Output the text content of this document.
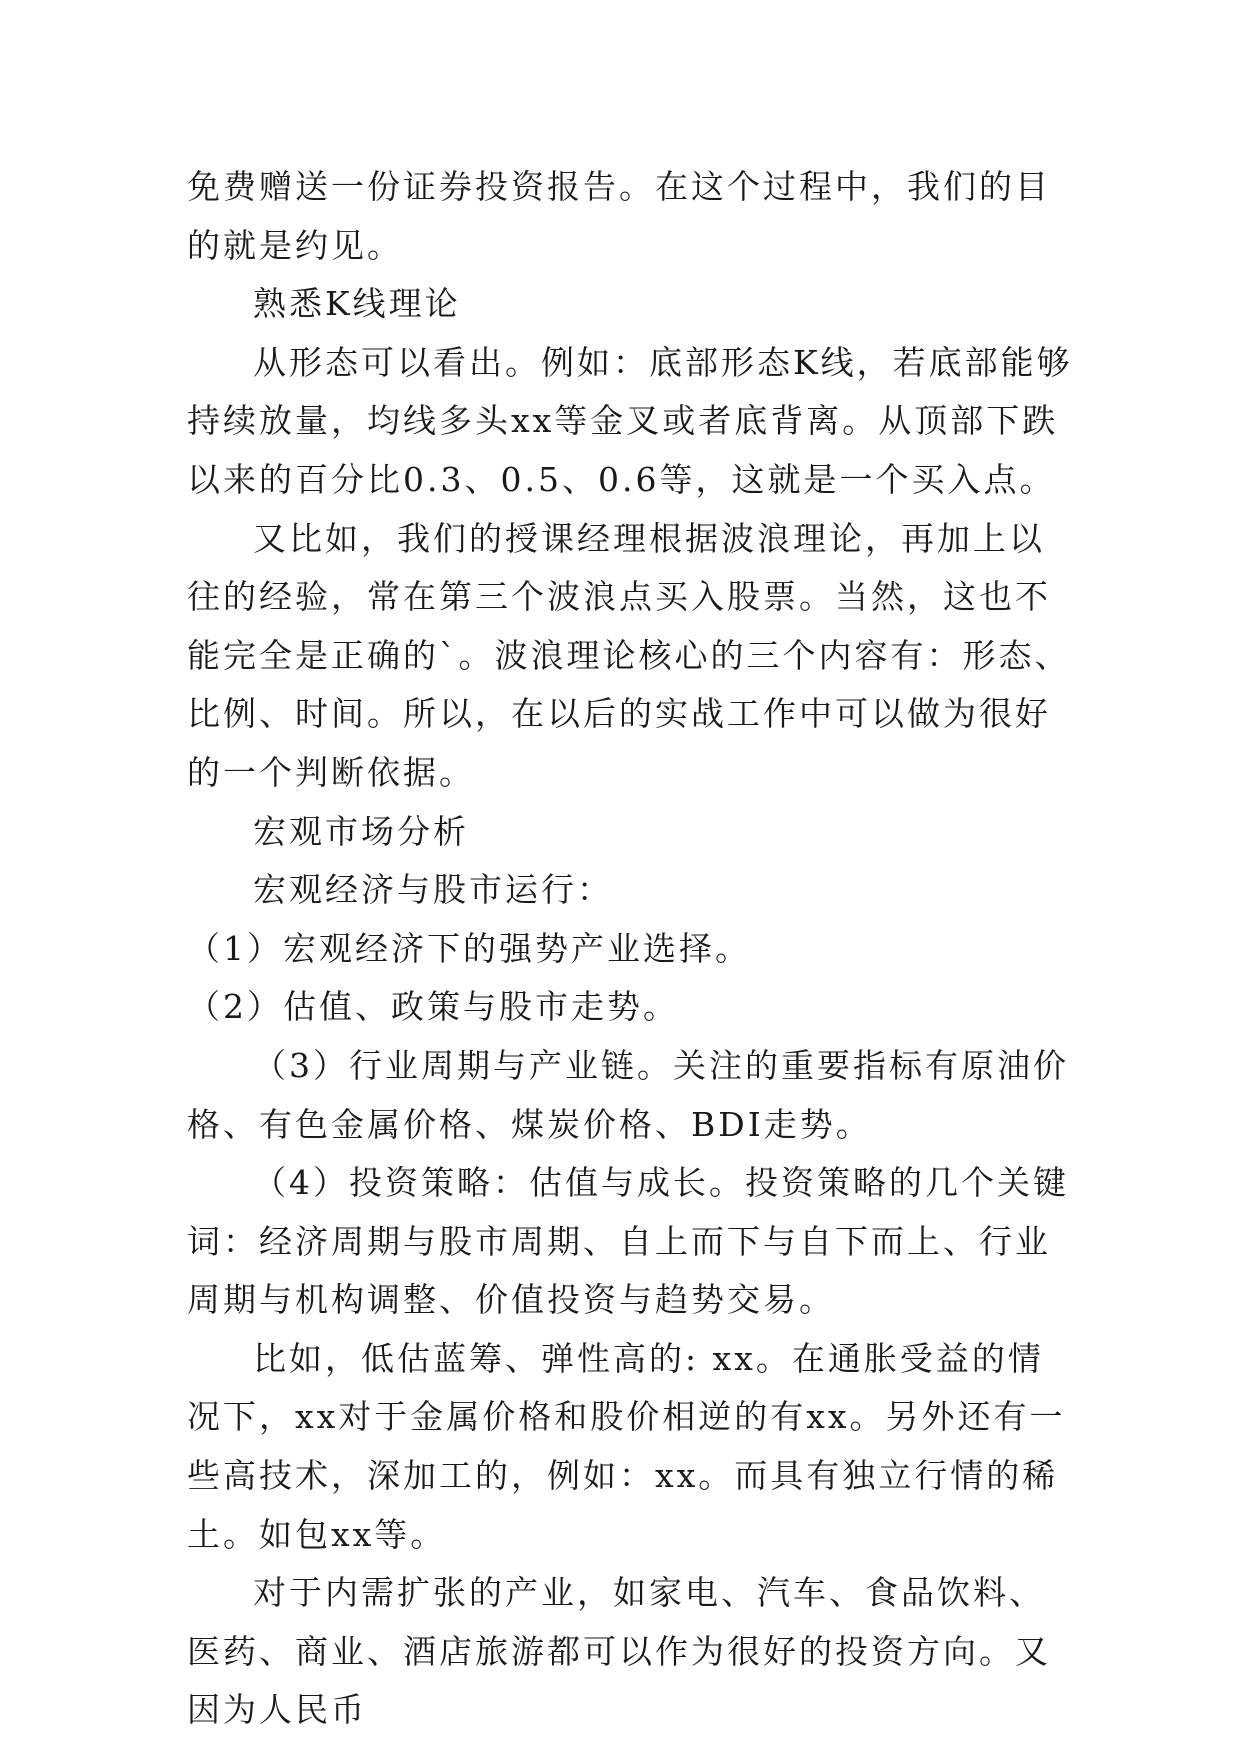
免费赠送一份证券投资报告。在这个过程中，我们的目的就是约见。

熟悉K线理论

从形态可以看出。例如：底部形态K线，若底部能够持续放量，均线多头xx等金叉或者底背离。从顶部下跌以来的百分比0.3、0.5、0.6等，这就是一个买入点。

又比如，我们的授课经理根据波浪理论，再加上以往的经验，常在第三个波浪点买入股票。当然，这也不能完全是正确的`。波浪理论核心的三个内容有：形态、比例、时间。所以，在以后的实战工作中可以做为很好的一个判断依据。

宏观市场分析

宏观经济与股市运行：

（1）宏观经济下的强势产业选择。

（2）估值、政策与股市走势。

（3）行业周期与产业链。关注的重要指标有原油价格、有色金属价格、煤炭价格、BDI走势。

（4）投资策略：估值与成长。投资策略的几个关键词：经济周期与股市周期、自上而下与自下而上、行业周期与机构调整、价值投资与趋势交易。

比如，低估蓝筹、弹性高的: xx。在通胀受益的情况下，xx对于金属价格和股价相逆的有xx。另外还有一些高技术，深加工的，例如：xx。而具有独立行情的稀土。如包xx等。

对于内需扩张的产业，如家电、汽车、食品饮料、医药、商业、酒店旅游都可以作为很好的投资方向。又因为人民币
